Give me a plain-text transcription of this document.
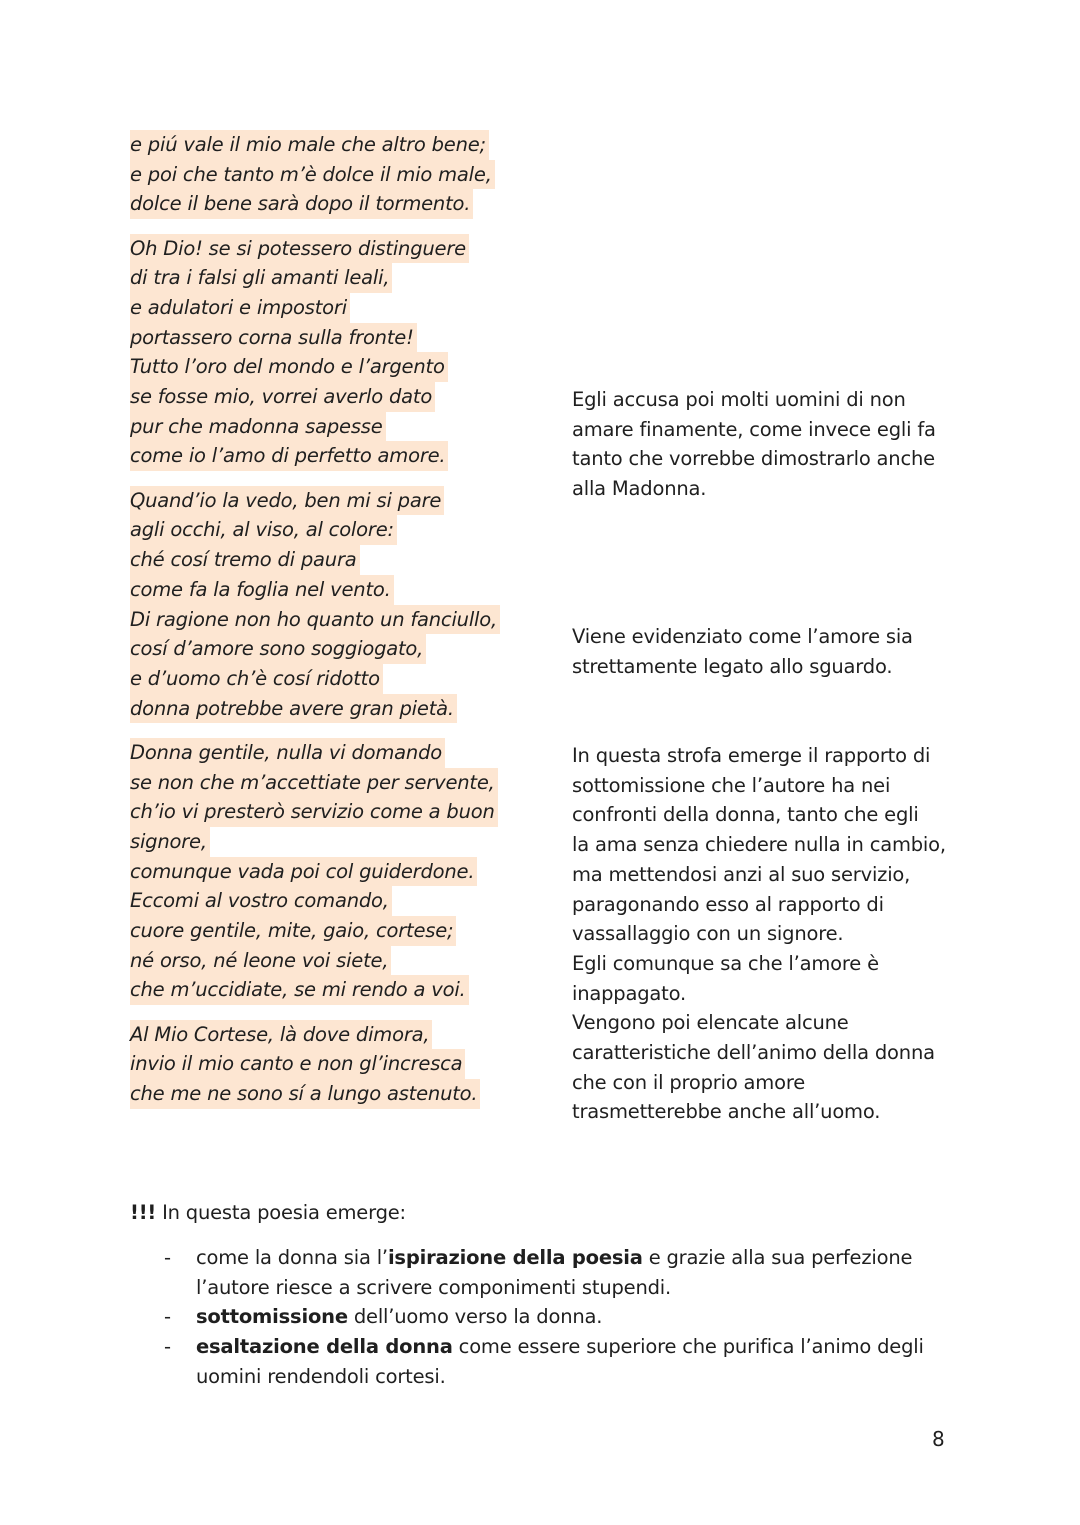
e piú vale il mio male che altro bene;
e poi che tanto m’è dolce il mio male,
dolce il bene sarà dopo il tormento.
Oh Dio! se si potessero distinguere
di tra i falsi gli amanti leali,
e adulatori e impostori
portassero corna sulla fronte!
Tutto l’oro del mondo e l’argento
se fosse mio, vorrei averlo dato
pur che madonna sapesse
come io l’amo di perfetto amore.
Quand’io la vedo, ben mi si pare
agli occhi, al viso, al colore:
ché cosí tremo di paura
come fa la foglia nel vento.
Di ragione non ho quanto un fanciullo,
cosí d’amore sono soggiogato,
e d’uomo ch’è cosí ridotto
donna potrebbe avere gran pietà.
Donna gentile, nulla vi domando
se non che m’accettiate per servente,
ch’io vi presterò servizio come a buon
signore,
comunque vada poi col guiderdone.
Eccomi al vostro comando,
cuore gentile, mite, gaio, cortese;
né orso, né leone voi siete,
che m’uccidiate, se mi rendo a voi.
Al Mio Cortese, là dove dimora,
invio il mio canto e non gl’incresca
che me ne sono sí a lungo astenuto.
Egli accusa poi molti uomini di non
amare finamente, come invece egli fa
tanto che vorrebbe dimostrarlo anche
alla Madonna.
Viene evidenziato come l’amore sia
strettamente legato allo sguardo.
In questa strofa emerge il rapporto di
sottomissione che l’autore ha nei
confronti della donna, tanto che egli
la ama senza chiedere nulla in cambio,
ma mettendosi anzi al suo servizio,
paragonando esso al rapporto di
vassallaggio con un signore.
Egli comunque sa che l’amore è
inappagato.
Vengono poi elencate alcune
caratteristiche dell’animo della donna
che con il proprio amore
trasmetterebbe anche all’uomo.
!!! In questa poesia emerge:
- come la donna sia l’ispirazione della poesia e grazie alla sua perfezione
l’autore riesce a scrivere componimenti stupendi.
- sottomissione dell’uomo verso la donna.
- esaltazione della donna come essere superiore che purifica l’animo degli
uomini rendendoli cortesi.
8
